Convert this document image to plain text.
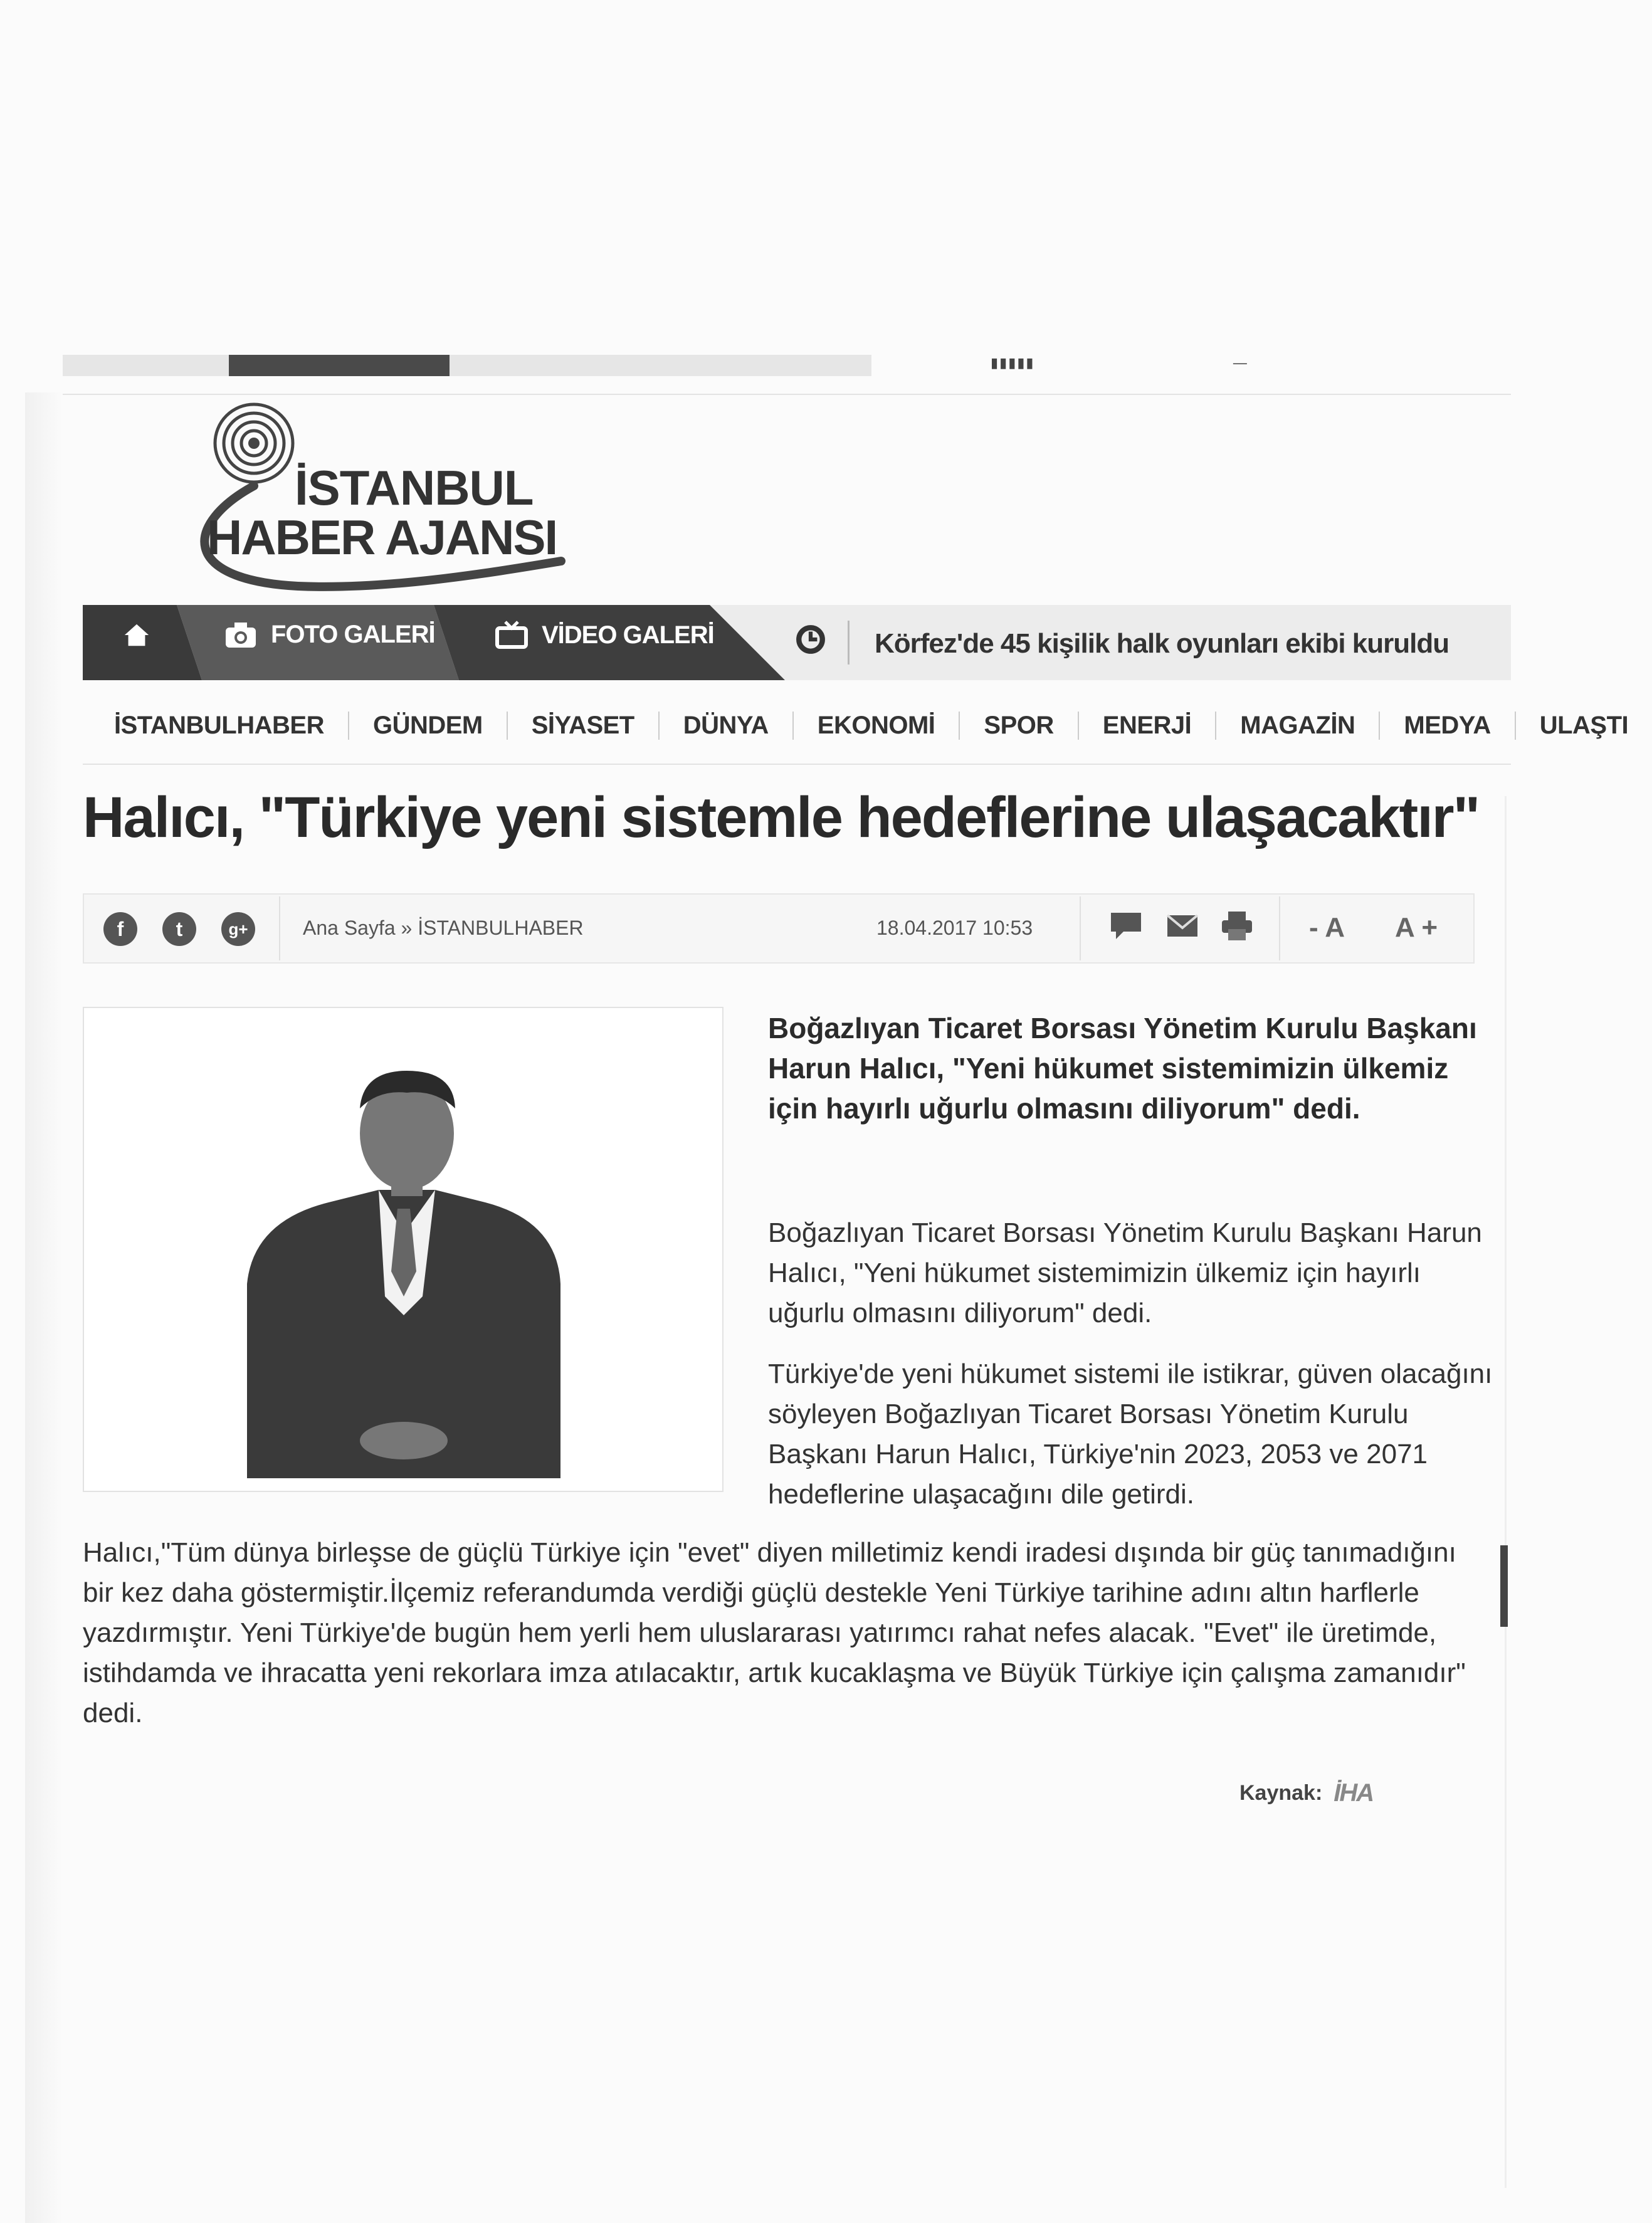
▮▮▮▮▮                                       —
İSTANBUL
HABER AJANSI
FOTO GALERİ	VİDEO GALERİ	Körfez'de 45 kişilik halk oyunları ekibi kuruldu
İSTANBULHABER	GÜNDEM	SİYASET	DÜNYA	EKONOMİ	SPOR	ENERJİ	MAGAZİN	MEDYA	ULAŞTI
Halıcı, "Türkiye yeni sistemle hedeflerine ulaşacaktır"
f	t	g+	Ana Sayfa » İSTANBULHABER	18.04.2017 10:53	- A A +
Boğazlıyan Ticaret Borsası Yönetim Kurulu Başkanı Harun Halıcı, "Yeni hükumet sistemimizin ülkemiz için hayırlı uğurlu olmasını diliyorum" dedi.

Boğazlıyan Ticaret Borsası Yönetim Kurulu Başkanı Harun Halıcı, "Yeni hükumet sistemimizin ülkemiz için hayırlı uğurlu olmasını diliyorum" dedi.

Türkiye'de yeni hükumet sistemi ile istikrar, güven olacağını söyleyen Boğazlıyan Ticaret Borsası Yönetim Kurulu Başkanı Harun Halıcı, Türkiye'nin 2023, 2053 ve 2071 hedeflerine ulaşacağını dile getirdi.

Halıcı,"Tüm dünya birleşse de güçlü Türkiye için "evet" diyen milletimiz kendi iradesi dışında bir güç tanımadığını bir kez daha göstermiştir.İlçemiz referandumda verdiği güçlü destekle Yeni Türkiye tarihine adını altın harflerle yazdırmıştır. Yeni Türkiye'de bugün hem yerli hem uluslararası yatırımcı rahat nefes alacak. "Evet" ile üretimde, istihdamda ve ihracatta yeni rekorlara imza atılacaktır, artık kucaklaşma ve Büyük Türkiye için çalışma zamanıdır" dedi.

Kaynak: İHA
